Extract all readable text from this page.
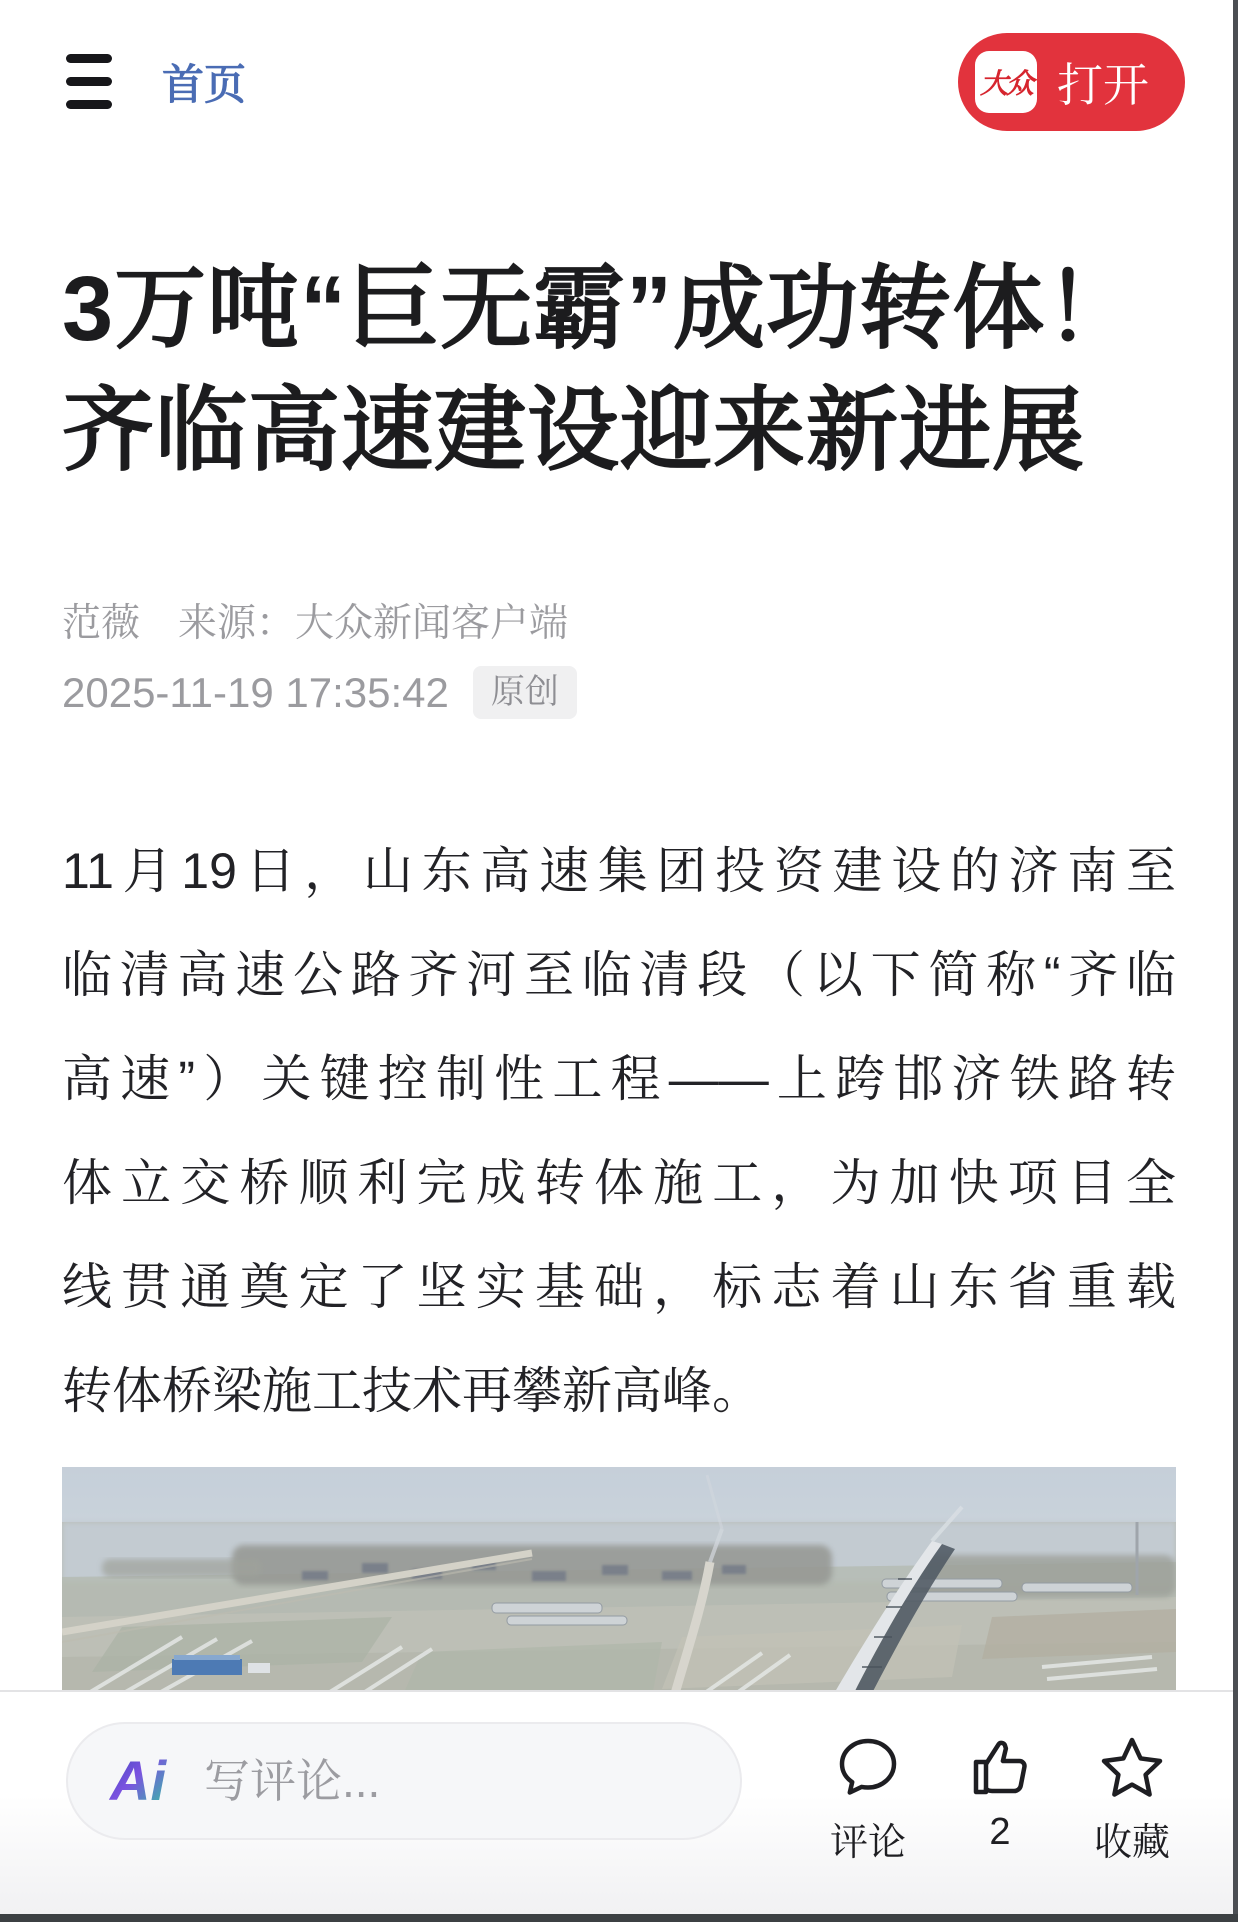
首页	大众 打开
3万吨“巨无霸”成功转体！
齐临高速建设迎来新进展
范薇 来源：大众新闻客户端
2025-11-19 17:35:42	原创
11月19日，山东高速集团投资建设的济南至
临清高速公路齐河至临清段（以下简称“齐临
高速”）关键控制性工程——上跨邯济铁路转
体立交桥顺利完成转体施工，为加快项目全
线贯通奠定了坚实基础，标志着山东省重载
转体桥梁施工技术再攀新高峰。
Ai
写评论...
评论 2 收藏
